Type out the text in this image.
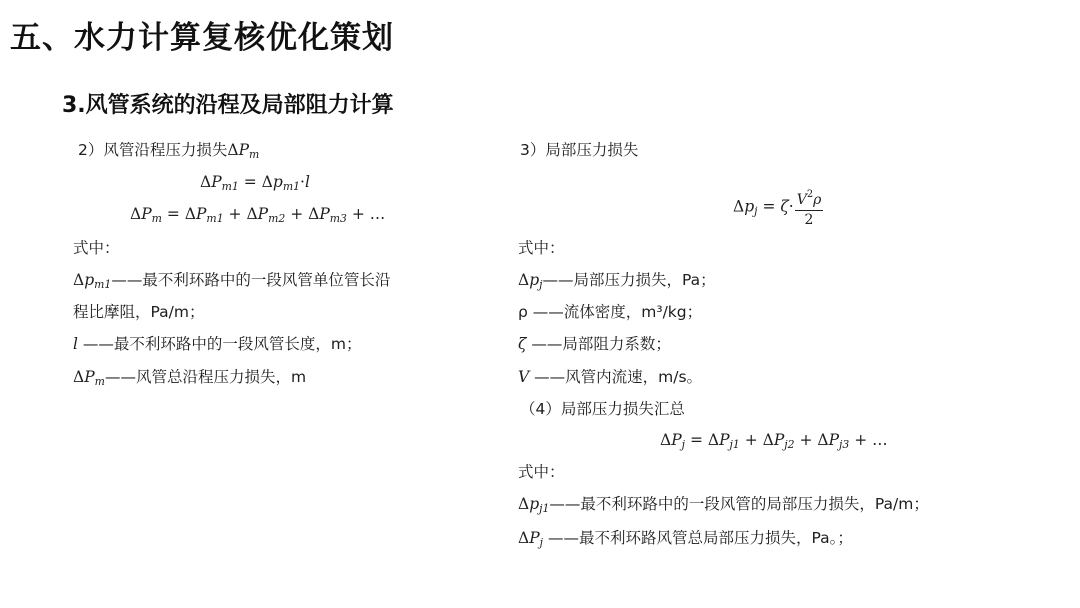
五、水力计算复核优化策划
3.风管系统的沿程及局部阻力计算
2）风管沿程压力损失$\Delta P_m$
$\Delta P_{m1} = \Delta p_{m1}\cdot l$
$\Delta P_m = \Delta P_{m1} + \Delta P_{m2} + \Delta P_{m3}$ + …
式中：
$\Delta p_{m1}——$最不利环路中的一段风管单位管长沿
程比摩阻，Pa/m；
l ——最不利环路中的一段风管长度，m；
$\Delta P_m——$风管总沿程压力损失，m
3）局部压力损失
$\Delta p_j = \zeta\cdot \frac{V^2\rho}{2}$
式中：
$\Delta p_j——$局部压力损失，Pa；
ρ ——流体密度，m³/kg；
ζ ——局部阻力系数；
V ——风管内流速，m/s。
（4）局部压力损失汇总
$\Delta P_j = \Delta P_{j1} + \Delta P_{j2} + \Delta P_{j3}$ + …
式中：
$\Delta p_{j1}——$最不利环路中的一段风管的局部压力损失，Pa/m；
$\Delta P_j$ ——最不利环路风管总局部压力损失，Pa。；
